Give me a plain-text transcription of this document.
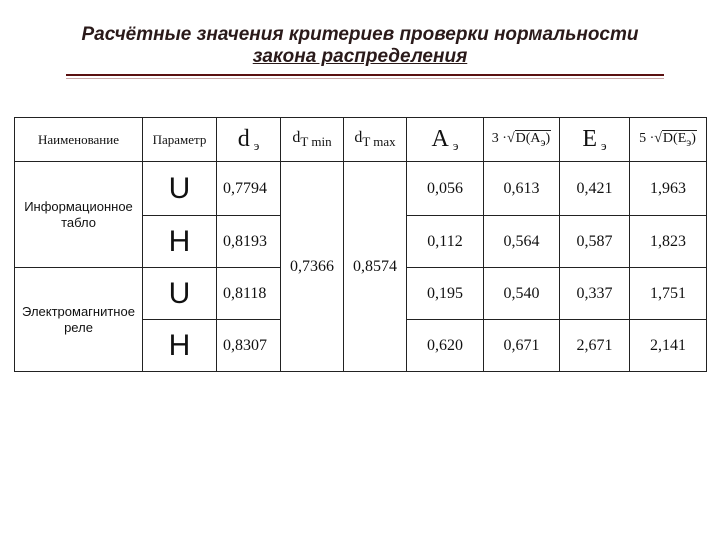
Расчётные значения критериев проверки нормальности
закона распределения
Наименование	Параметр	d $_э$	$d_{T min}$	$d_{T max}$	A $_э$	$3 \cdot√D(A_э)$	E $_э$	$5 \cdot√D(E_э)$
Информационное табло	U	0,7794	0,7366	0,8574	0,056	0,613	0,421	1,963
	H	0,8193			0,112	0,564	0,587	1,823
Электромагнитное реле	U	0,8118			0,195	0,540	0,337	1,751
	H	0,8307			0,620	0,671	2,671	2,141
